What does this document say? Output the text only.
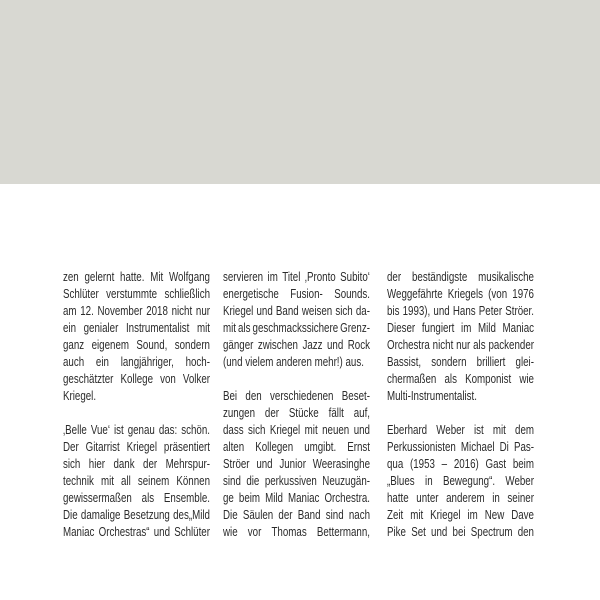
zen gelernt hatte. Mit Wolfgang
Schlüter verstummte schließlich
am 12. November 2018 nicht nur
ein genialer Instrumentalist mit
ganz eigenem Sound, sondern
auch ein langjähriger, hoch-
geschätzter Kollege von Volker
Kriegel.
‚Belle Vue‘ ist genau das: schön.
Der Gitarrist Kriegel präsentiert
sich hier dank der Mehrspur-
technik mit all seinem Können
gewissermaßen als Ensemble.
Die damalige Besetzung des„Mild
Maniac Orchestras“ und Schlüter
servieren im Titel ‚Pronto Subito‘
energetische Fusion- Sounds.
Kriegel und Band weisen sich da-
mit als geschmackssichere Grenz-
gänger zwischen Jazz und Rock
(und vielem anderen mehr!) aus.
Bei den verschiedenen Beset-
zungen der Stücke fällt auf,
dass sich Kriegel mit neuen und
alten Kollegen umgibt. Ernst
Ströer und Junior Weerasinghe
sind die perkussiven Neuzugän-
ge beim Mild Maniac Orchestra.
Die Säulen der Band sind nach
wie vor Thomas Bettermann,
der beständigste musikalische
Weggefährte Kriegels (von 1976
bis 1993), und Hans Peter Ströer.
Dieser fungiert im Mild Maniac
Orchestra nicht nur als packender
Bassist, sondern brilliert glei-
chermaßen als Komponist wie
Multi-Instrumentalist.
Eberhard Weber ist mit dem
Perkussionisten Michael Di Pas-
qua (1953 – 2016) Gast beim
„Blues in Bewegung“. Weber
hatte unter anderem in seiner
Zeit mit Kriegel im New Dave
Pike Set und bei Spectrum den
